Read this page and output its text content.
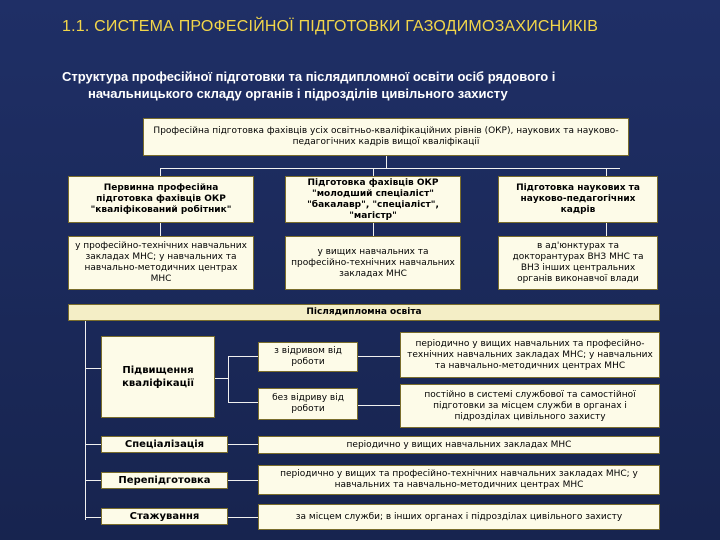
1.1. СИСТЕМА ПРОФЕСІЙНОЇ ПІДГОТОВКИ ГАЗОДИМОЗАХИСНИКІВ
Структура професійної підготовки та післядипломної освіти осіб рядового і
начальницького складу органів і підрозділів цивільного захисту
Професійна підготовка фахівців усіх освітньо-кваліфікаційних рівнів (ОКР), наукових та науково-педагогічних кадрів вищої кваліфікації
Первинна професійна підготовка фахівців ОКР "кваліфікований робітник"
Підготовка фахівців ОКР "молодший спеціаліст" "бакалавр", "спеціаліст", "магістр"
Підготовка наукових та науково-педагогічних кадрів
у професійно-технічних навчальних закладах МНС; у навчальних та навчально-методичних центрах МНС
у вищих навчальних та професійно-технічних навчальних закладах МНС
в ад'юнктурах та докторантурах ВНЗ МНС та ВНЗ інших центральних органів виконавчої влади
Післядипломна освіта
Підвищення кваліфікації
з відривом від роботи
без відриву від роботи
періодично у вищих навчальних та професійно-технічних навчальних закладах МНС; у навчальних та навчально-методичних центрах МНС
постійно в системі службової та самостійної підготовки за місцем служби в органах і підрозділах цивільного захисту
Спеціалізація	періодично у вищих навчальних закладах МНС
Перепідготовка
періодично у вищих та професійно-технічних навчальних закладах МНС; у навчальних та навчально-методичних центрах МНС
Стажування	за місцем служби; в інших органах і підрозділах цивільного захисту
